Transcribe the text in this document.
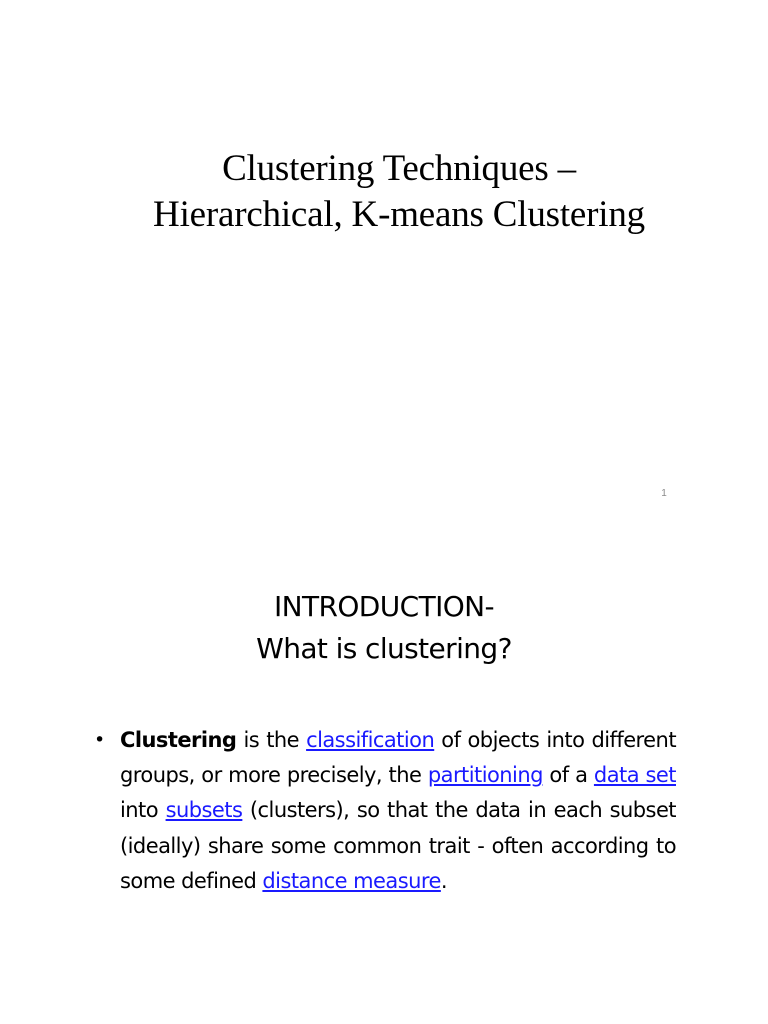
Clustering Techniques –
Hierarchical, K-means Clustering
1
INTRODUCTION-
What is clustering?
• Clustering is the classification of objects into different groups, or more precisely, the partitioning of a data set into subsets (clusters), so that the data in each subset (ideally) share some common trait - often according to some defined distance measure.
